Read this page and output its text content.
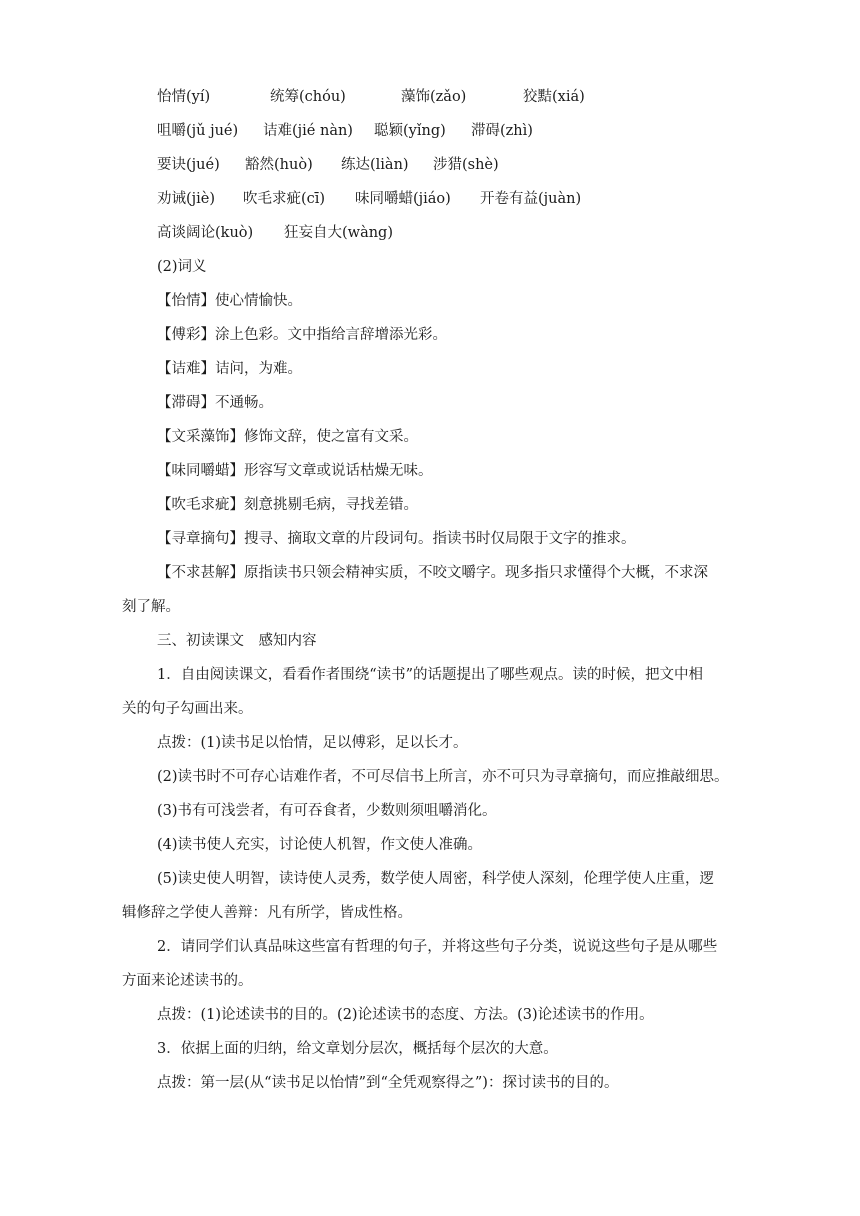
怡情(yí)	统筹(chóu)	藻饰(zǎo)	狡黠(xiá)
咀嚼(jǔ jué) 诘难(jié nàn) 聪颖(yǐng) 滞碍(zhì)
要诀(jué) 豁然(huò) 练达(liàn) 涉猎(shè)
劝诫(jiè) 吹毛求疵(cī) 味同嚼蜡(jiáo) 开卷有益(juàn)
高谈阔论(kuò) 狂妄自大(wàng)
(2)词义
【怡情】使心情愉快。
【傅彩】涂上色彩。文中指给言辞增添光彩。
【诘难】诘问，为难。
【滞碍】不通畅。
【文采藻饰】修饰文辞，使之富有文采。
【味同嚼蜡】形容写文章或说话枯燥无味。
【吹毛求疵】刻意挑剔毛病，寻找差错。
【寻章摘句】搜寻、摘取文章的片段词句。指读书时仅局限于文字的推求。
【不求甚解】原指读书只领会精神实质，不咬文嚼字。现多指只求懂得个大概，不求深
刻了解。
三、初读课文　感知内容
1．自由阅读课文，看看作者围绕“读书”的话题提出了哪些观点。读的时候，把文中相
关的句子勾画出来。
点拨：(1)读书足以怡情，足以傅彩，足以长才。
(2)读书时不可存心诘难作者，不可尽信书上所言，亦不可只为寻章摘句，而应推敲细思。
(3)书有可浅尝者，有可吞食者，少数则须咀嚼消化。
(4)读书使人充实，讨论使人机智，作文使人准确。
(5)读史使人明智，读诗使人灵秀，数学使人周密，科学使人深刻，伦理学使人庄重，逻
辑修辞之学使人善辩：凡有所学，皆成性格。
2．请同学们认真品味这些富有哲理的句子，并将这些句子分类，说说这些句子是从哪些
方面来论述读书的。
点拨：(1)论述读书的目的。(2)论述读书的态度、方法。(3)论述读书的作用。
3．依据上面的归纳，给文章划分层次，概括每个层次的大意。
点拨：第一层(从“读书足以怡情”到“全凭观察得之”)：探讨读书的目的。
